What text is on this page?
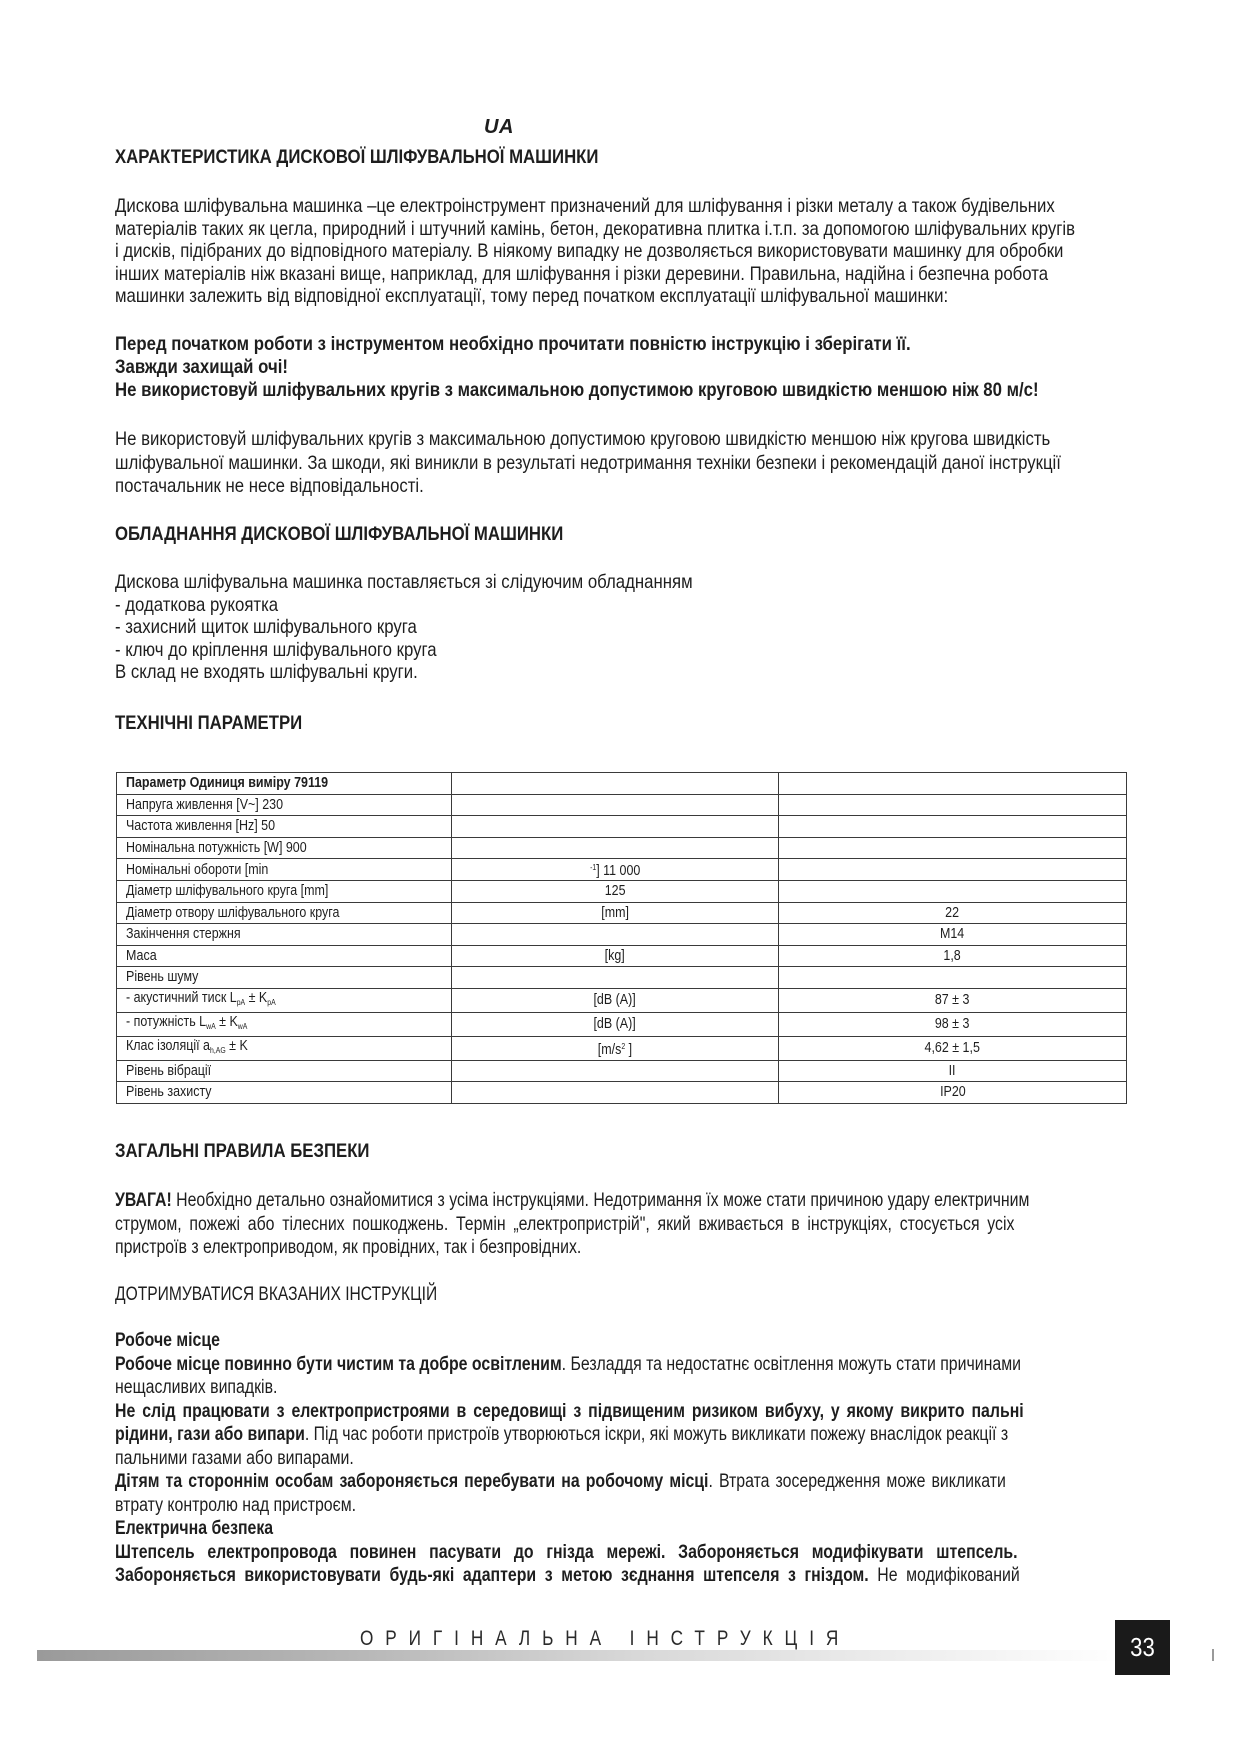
UA
ХАРАКТЕРИСТИКА ДИСКОВОЇ ШЛІФУВАЛЬНОЇ МАШИНКИ
Дискова шліфувальна машинка –це електроінструмент призначений для шліфування і різки металу а також будівельних
матеріалів таких як цегла, природний і штучний камінь, бетон, декоративна плитка і.т.п. за допомогою шліфувальних кругів
і дисків, підібраних до відповідного матеріалу. В ніякому випадку не дозволяється використовувати машинку для обробки
інших матеріалів ніж вказані вище, наприклад, для шліфування і різки деревини. Правильна, надійна і безпечна робота
машинки залежить від відповідної експлуатації, тому перед початком експлуатації шліфувальної машинки:
Перед початком роботи з інструментом необхідно прочитати повністю інструкцію і зберігати її.
Завжди захищай очі!
Не використовуй шліфувальних кругів з максимальною допустимою круговою швидкістю меншою ніж 80 м/с!
Не використовуй шліфувальних кругів з максимальною допустимою круговою швидкістю меншою ніж кругова швидкість
шліфувальної машинки. За шкоди, які виникли в результаті недотримання техніки безпеки і рекомендацій даної інструкції
постачальник не несе відповідальності.
ОБЛАДНАННЯ ДИСКОВОЇ ШЛІФУВАЛЬНОЇ МАШИНКИ
Дискова шліфувальна машинка поставляється зі слідуючим обладнанням
- додаткова рукоятка
- захисний щиток шліфувального круга
- ключ до кріплення шліфувального круга
В склад не входять шліфувальні круги.
ТЕХНІЧНІ ПАРАМЕТРИ
Параметр Одиниця виміру 79119		
Напруга живлення [V~] 230		
Частота живлення [Hz] 50		
Номінальна потужність [W] 900		
Номінальні обороти [min	$^{-1}$] 11 000	
Діаметр шліфувального круга [mm]	125	
Діаметр отвору шліфувального круга	[mm]	22
Закінчення стержня		M14
Маса	[kg]	1,8
Рівень шуму		
- акустичний тиск $L_{pA} \pm K_{pA}$	[dB (A)]	87 ± 3
- потужність $L_{wA} \pm K_{wA}$	[dB (A)]	98 ± 3
Клас ізоляції $a_{h,AG} \pm K$	[$m/s^2$ ]	4,62 ± 1,5
Рівень вібрації		II
Рівень захисту		IP20
ЗАГАЛЬНІ ПРАВИЛА БЕЗПЕКИ
УВАГА! Необхідно детально ознайомитися з усіма інструкціями. Недотримання їх може стати причиною удару електричним
струмом, пожежі або тілесних пошкоджень. Термін „електропристрій", який вживається в інструкціях, стосується усіх
пристроїв з електроприводом, як провідних, так і безпровідних.
ДОТРИМУВАТИСЯ ВКАЗАНИХ ІНСТРУКЦІЙ
Робоче місце
Робоче місце повинно бути чистим та добре освітленим. Безладдя та недостатнє освітлення можуть стати причинами
нещасливих випадків.
Не слід працювати з електропристроями в середовищі з підвищеним ризиком вибуху, у якому викрито пальні
рідини, гази або випари. Під час роботи пристроїв утворюються іскри, які можуть викликати пожежу внаслідок реакції з
пальними газами або випарами.
Дітям та стороннім особам забороняється перебувати на робочому місці. Втрата зосередження може викликати
втрату контролю над пристроєм.
Електрична безпека
Штепсель електропровода повинен пасувати до гнізда мережі. Забороняється модифікувати штепсель.
Забороняється використовувати будь-які адаптери з метою зєднання штепселя з гніздом. Не модифікований
ОРИГІНАЛЬНА ІНСТРУКЦІЯ	33
